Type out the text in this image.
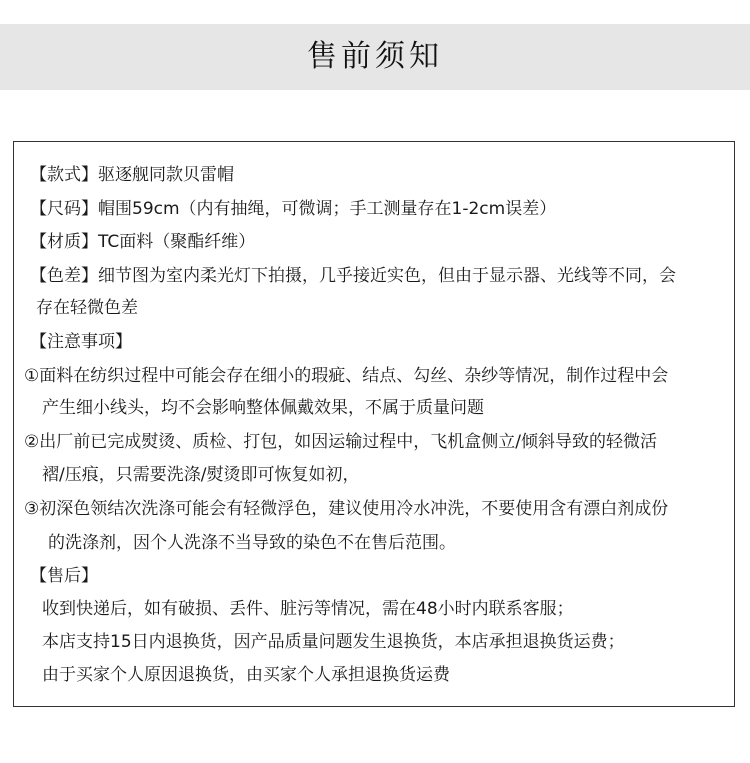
售前须知
【款式】驱逐舰同款贝雷帽
【尺码】帽围59cm（内有抽绳，可微调；手工测量存在1-2cm误差）
【材质】TC面料（聚酯纤维）
【色差】细节图为室内柔光灯下拍摄，几乎接近实色，但由于显示器、光线等不同，会
存在轻微色差
【注意事项】
①面料在纺织过程中可能会存在细小的瑕疵、结点、勾丝、杂纱等情况，制作过程中会
产生细小线头，均不会影响整体佩戴效果，不属于质量问题
②出厂前已完成熨烫、质检、打包，如因运输过程中，飞机盒侧立/倾斜导致的轻微活
褶/压痕，只需要洗涤/熨烫即可恢复如初，
③初深色领结次洗涤可能会有轻微浮色，建议使用冷水冲洗，不要使用含有漂白剂成份
的洗涤剂，因个人洗涤不当导致的染色不在售后范围。
【售后】
收到快递后，如有破损、丢件、脏污等情况，需在48小时内联系客服；
本店支持15日内退换货，因产品质量问题发生退换货，本店承担退换货运费；
由于买家个人原因退换货，由买家个人承担退换货运费
